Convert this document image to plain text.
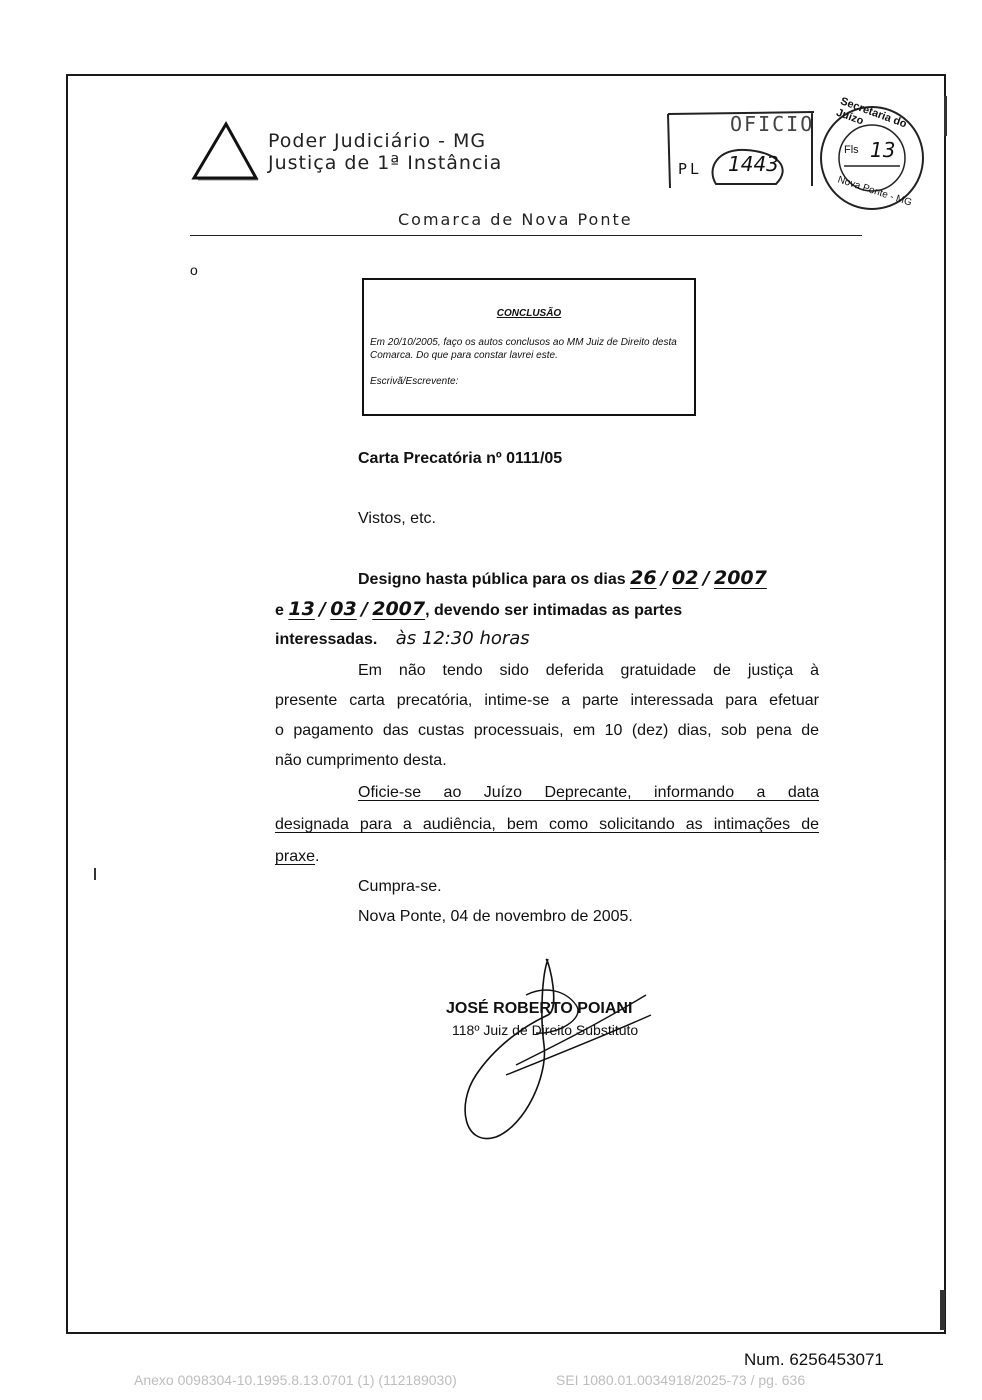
Poder Judiciário - MG
Justiça de 1ª Instância
OFICIO
PL 1443
Secretaria do Juízo
Fls 13
Nova Ponte - MG
Comarca de Nova Ponte
o
CONCLUSÃO
Em 20/10/2005, faço os autos conclusos ao MM Juiz de Direito desta Comarca. Do que para constar lavrei este.
Escrivã/Escrevente:
Carta Precatória nº 0111/05
Vistos, etc.
Designo hasta pública para os dias 26 / 02 / 2007
e 13 / 03 / 2007, devendo ser intimadas as partes
interessadas. às 12:30 horas
Em não tendo sido deferida gratuidade de justiça à
presente carta precatória, intime-se a parte interessada para efetuar
o pagamento das custas processuais, em 10 (dez) dias, sob pena de
não cumprimento desta.
Oficie-se ao Juízo Deprecante, informando a data
designada para a audiência, bem como solicitando as intimações de
praxe.
Cumpra-se.
Nova Ponte, 04 de novembro de 2005.
JOSÉ ROBERTO POIANI
118º Juiz de Direito Substituto
Num. 6256453071
Anexo 0098304-10.1995.8.13.0701 (1) (112189030)	SEI 1080.01.0034918/2025-73 / pg. 636
